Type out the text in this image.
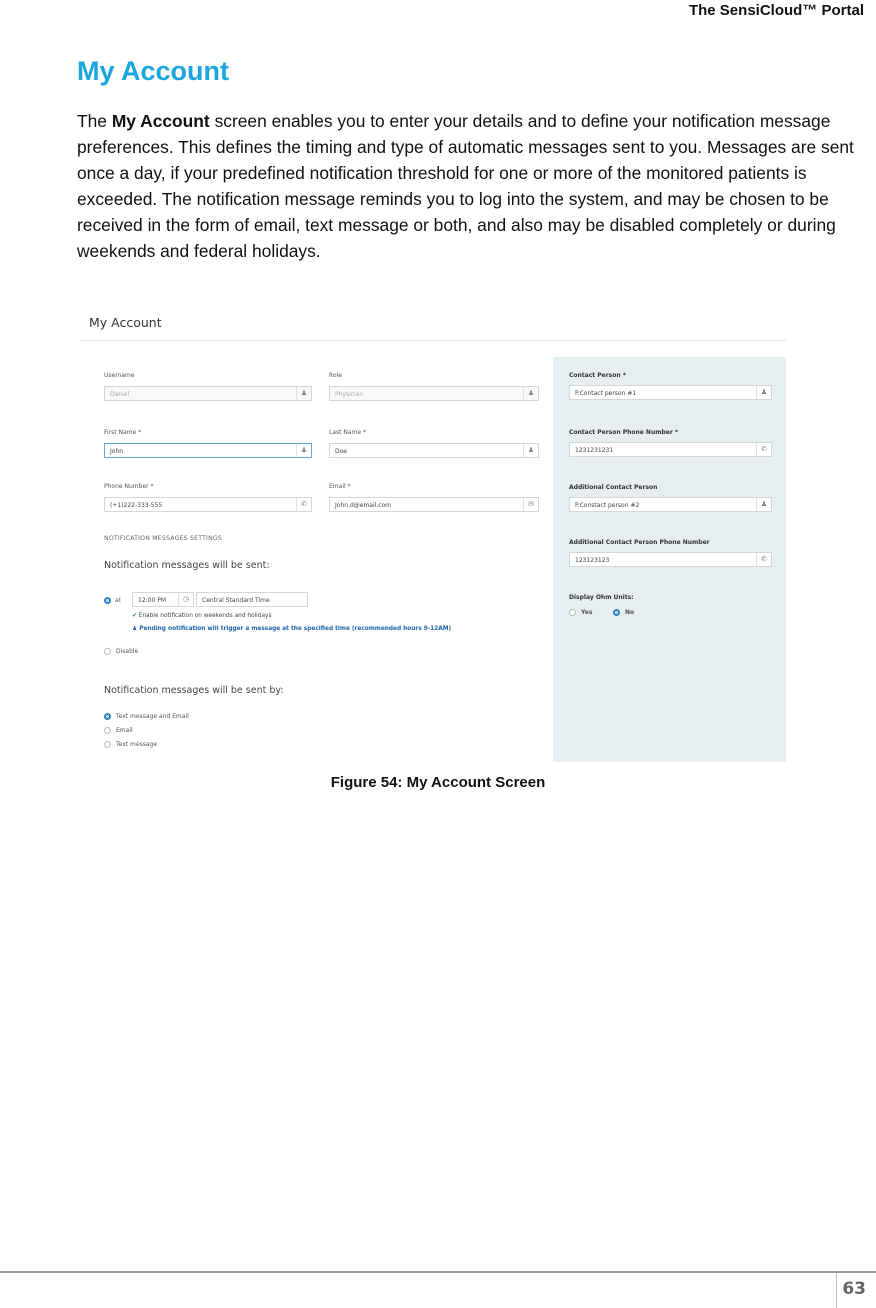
The SensiCloud™ Portal
My Account
The My Account screen enables you to enter your details and to define your notification message preferences. This defines the timing and type of automatic messages sent to you. Messages are sent once a day, if your predefined notification threshold for one or more of the monitored patients is exceeded. The notification message reminds you to log into the system, and may be chosen to be received in the form of email, text message or both, and also may be disabled completely or during weekends and federal holidays.
My Account
Username
Daniel	♟
Role
Physician	♟
First Name *
John	♟
Last Name *
Doe	♟
Phone Number *
(+1)222-333-555	✆
Email *
John.d@email.com	✉
NOTIFICATION MESSAGES SETTINGS
Notification messages will be sent:
at	12:00 PM	◷	Central Standard Time
✔ Enable notification on weekends and holidays
♟ Pending notification will trigger a message at the specified time (recommended hours 9-12AM)
Disable
Notification messages will be sent by:
Text message and Email
Email
Text message
Contact Person *
P.Contact person #1	♟
Contact Person Phone Number *
1231231231	✆
Additional Contact Person
P.Constact person #2	♟
Additional Contact Person Phone Number
123123123	✆
Display Ohm Units:
Yes	No
Figure 54: My Account Screen
63
